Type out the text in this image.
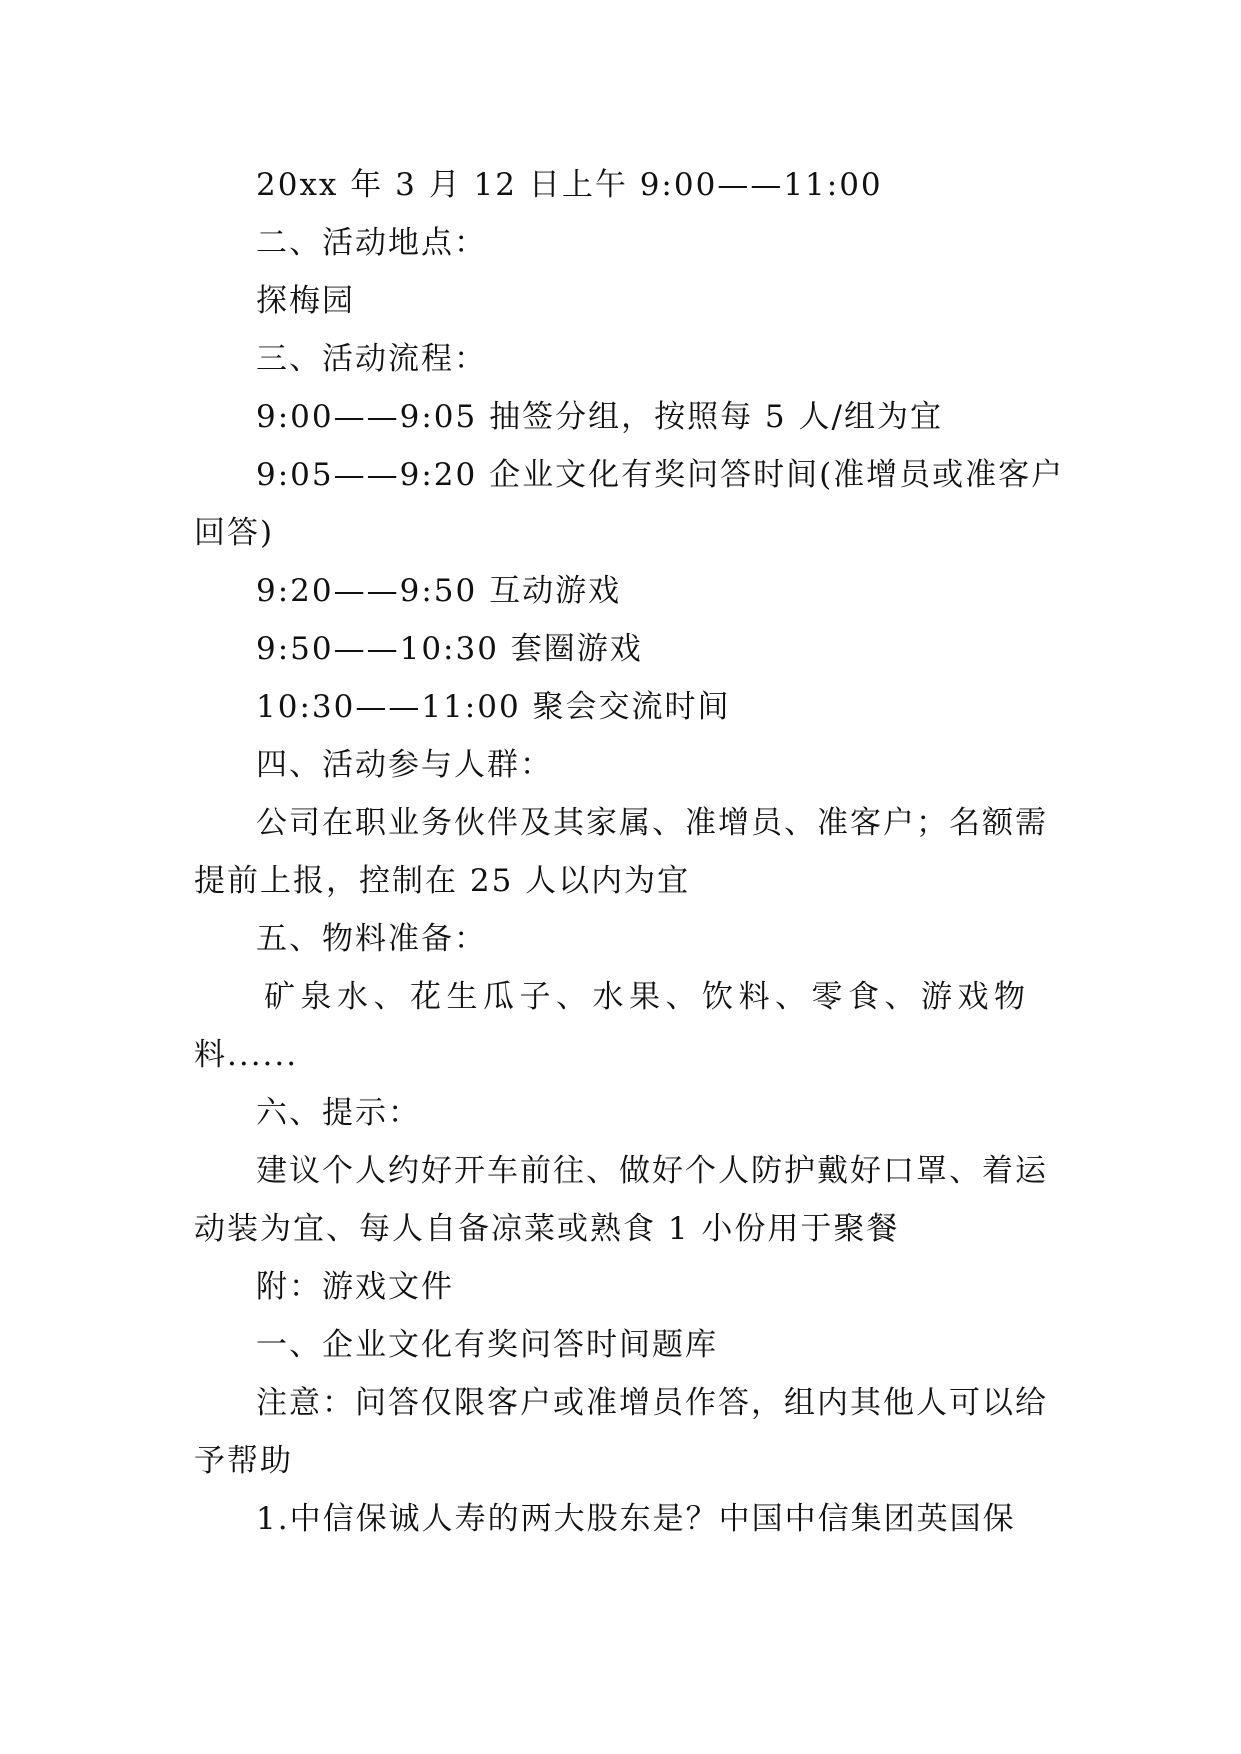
20xx 年 3 月 12 日上午 9:00——11:00
二、活动地点：
探梅园
三、活动流程：
9:00——9:05 抽签分组，按照每 5 人/组为宜
9:05——9:20 企业文化有奖问答时间(准增员或准客户
回答)
9:20——9:50 互动游戏
9:50——10:30 套圈游戏
10:30——11:00 聚会交流时间
四、活动参与人群：
公司在职业务伙伴及其家属、准增员、准客户；名额需
提前上报，控制在 25 人以内为宜
五、物料准备：
矿泉水、花生瓜子、水果、饮料、零食、游戏物
料......
六、提示：
建议个人约好开车前往、做好个人防护戴好口罩、着运
动装为宜、每人自备凉菜或熟食 1 小份用于聚餐
附：游戏文件
一、企业文化有奖问答时间题库
注意：问答仅限客户或准增员作答，组内其他人可以给
予帮助
1.中信保诚人寿的两大股东是？中国中信集团英国保
